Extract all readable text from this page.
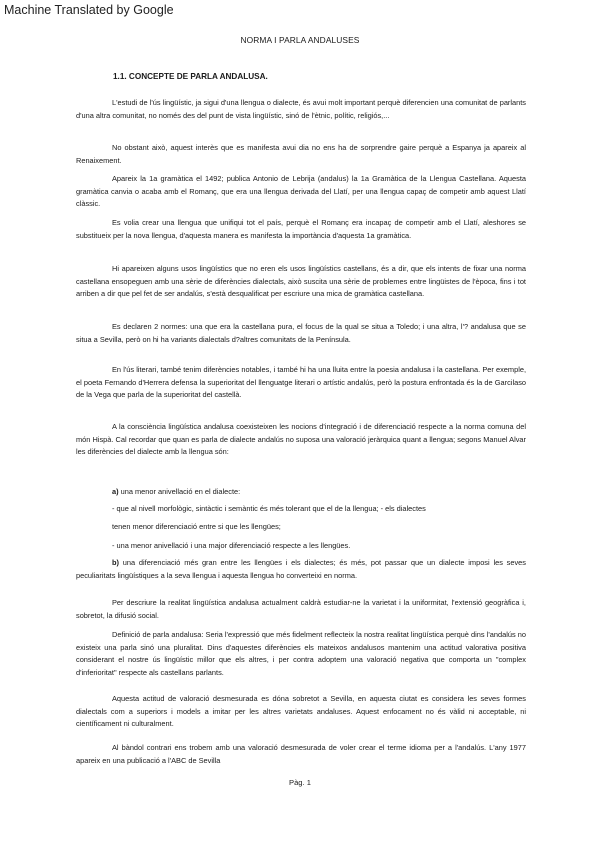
Machine Translated by Google
NORMA I PARLA ANDALUSES
1.1. CONCEPTE DE PARLA ANDALUSA.

L'estudi de l'ús lingüístic, ja sigui d'una llengua o dialecte, és avui molt important perquè diferencien una comunitat de parlants d'una altra comunitat, no només des del punt de vista lingüístic, sinó de l'ètnic, polític, religiós,...

No obstant això, aquest interès que es manifesta avui dia no ens ha de sorprendre gaire perquè a Espanya ja apareix al Renaixement.

Apareix la 1a gramàtica el 1492; publica Antonio de Lebrija (andalus) la 1a Gramàtica de la Llengua Castellana. Aquesta gramàtica canvia o acaba amb el Romanç, que era una llengua derivada del Llatí, per una llengua capaç de competir amb aquest Llatí clàssic.

Es volia crear una llengua que unifiqui tot el país, perquè el Romanç era incapaç de competir amb el Llatí, aleshores se substitueix per la nova llengua, d'aquesta manera es manifesta la importància d'aquesta 1a gramàtica.

Hi apareixen alguns usos lingüístics que no eren els usos lingüístics castellans, és a dir, que els intents de fixar una norma castellana ensopeguen amb una sèrie de diferències dialectals, això suscita una sèrie de problemes entre lingüistes de l'època, fins i tot arriben a dir que pel fet de ser andalús, s'està desqualificat per escriure una mica de gramàtica castellana.

Es declaren 2 normes: una que era la castellana pura, el focus de la qual se situa a Toledo; i una altra, l'? andalusa que se situa a Sevilla, però on hi ha variants dialectals d?altres comunitats de la Península.

En l'ús literari, també tenim diferències notables, i també hi ha una lluita entre la poesia andalusa i la castellana. Per exemple, el poeta Fernando d'Herrera defensa la superioritat del llenguatge literari o artístic andalús, però la postura enfrontada és la de Garcilaso de la Vega que parla de la superioritat del castellà.

A la consciència lingüística andalusa coexisteixen les nocions d'integració i de diferenciació respecte a la norma comuna del món Hispà. Cal recordar que quan es parla de dialecte andalús no suposa una valoració jeràrquica quant a llengua; segons Manuel Alvar les diferències del dialecte amb la llengua són:

a) una menor anivellació en el dialecte:
- que al nivell morfològic, sintàctic i semàntic és més tolerant que el de la llengua; - els dialectes
tenen menor diferenciació entre si que les llengües;
- una menor anivellació i una major diferenciació respecte a les llengües.

b) una diferenciació més gran entre les llengües i els dialectes; és més, pot passar que un dialecte imposi les seves peculiaritats lingüístiques a la seva llengua i aquesta llengua ho converteixi en norma.

Per descriure la realitat lingüística andalusa actualment caldrà estudiar-ne la varietat i la uniformitat, l'extensió geogràfica i, sobretot, la difusió social.

Definició de parla andalusa: Seria l'expressió que més fidelment reflecteix la nostra realitat lingüística perquè dins l'andalús no existeix una parla sinó una pluralitat. Dins d'aquestes diferències els mateixos andalusos mantenim una actitud valorativa positiva considerant el nostre ús lingüístic millor que els altres, i per contra adoptem una valoració negativa que comporta un "complex d'inferioritat" respecte als castellans parlants.

Aquesta actitud de valoració desmesurada es dóna sobretot a Sevilla, en aquesta ciutat es considera les seves formes dialectals com a superiors i models a imitar per les altres varietats andaluses. Aquest enfocament no és vàlid ni acceptable, ni científicament ni culturalment.

Al bàndol contrari ens trobem amb una valoració desmesurada de voler crear el terme idioma per a l'andalús. L'any 1977 apareix en una publicació a l'ABC de Sevilla

Pàg. 1
